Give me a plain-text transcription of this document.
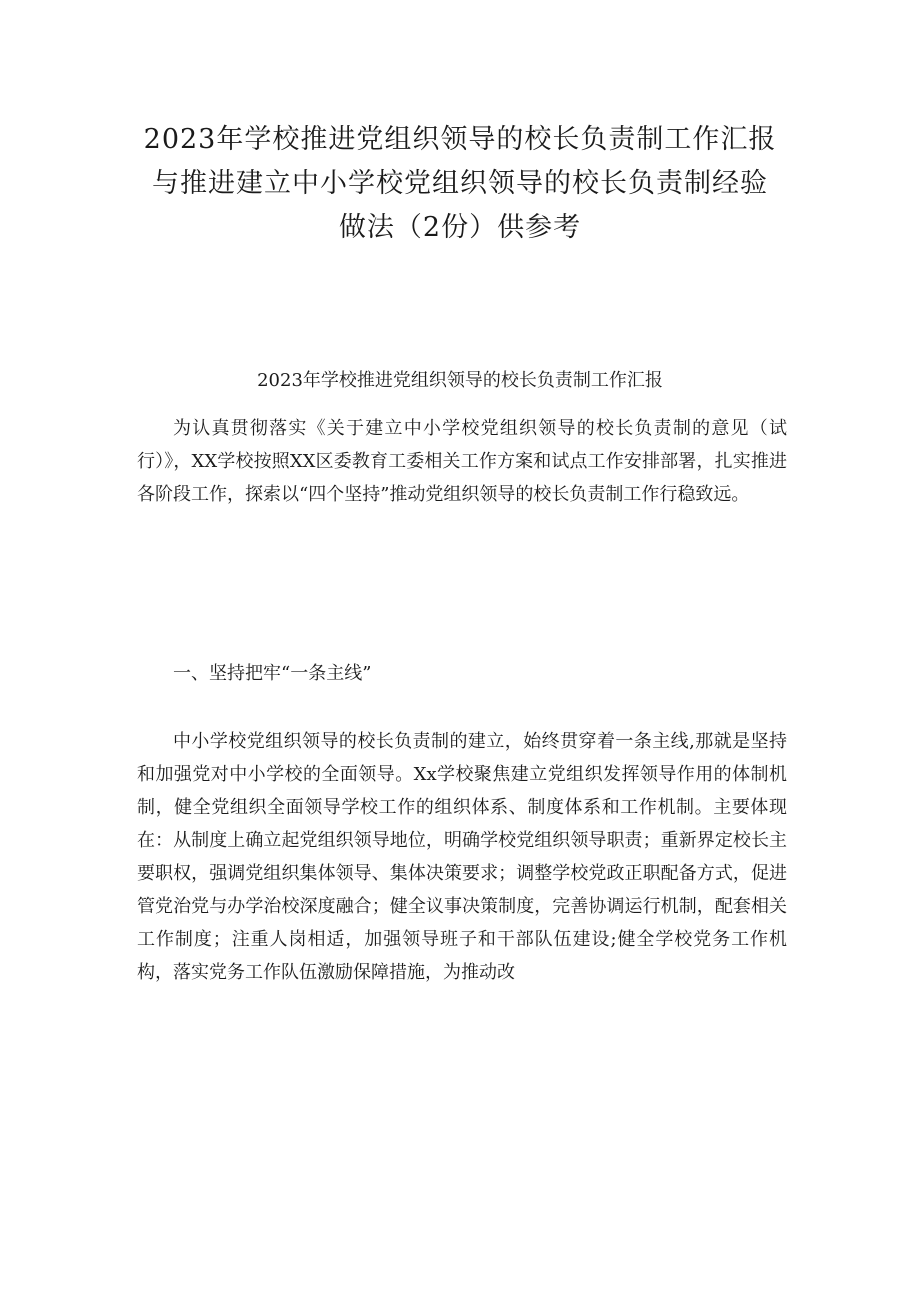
2023年学校推进党组织领导的校长负责制工作汇报
与推进建立中小学校党组织领导的校长负责制经验
做法（2份）供参考
2023年学校推进党组织领导的校长负责制工作汇报

为认真贯彻落实《关于建立中小学校党组织领导的校长负责制的意见（试行）》，XX学校按照XX区委教育工委相关工作方案和试点工作安排部署，扎实推进各阶段工作，探索以“四个坚持”推动党组织领导的校长负责制工作行稳致远。

一、坚持把牢“一条主线”

中小学校党组织领导的校长负责制的建立，始终贯穿着一条主线,那就是坚持和加强党对中小学校的全面领导。Xx学校聚焦建立党组织发挥领导作用的体制机制，健全党组织全面领导学校工作的组织体系、制度体系和工作机制。主要体现在：从制度上确立起党组织领导地位，明确学校党组织领导职责；重新界定校长主要职权，强调党组织集体领导、集体决策要求；调整学校党政正职配备方式，促进管党治党与办学治校深度融合；健全议事决策制度，完善协调运行机制，配套相关工作制度；注重人岗相适，加强领导班子和干部队伍建设;健全学校党务工作机构，落实党务工作队伍激励保障措施，为推动改
